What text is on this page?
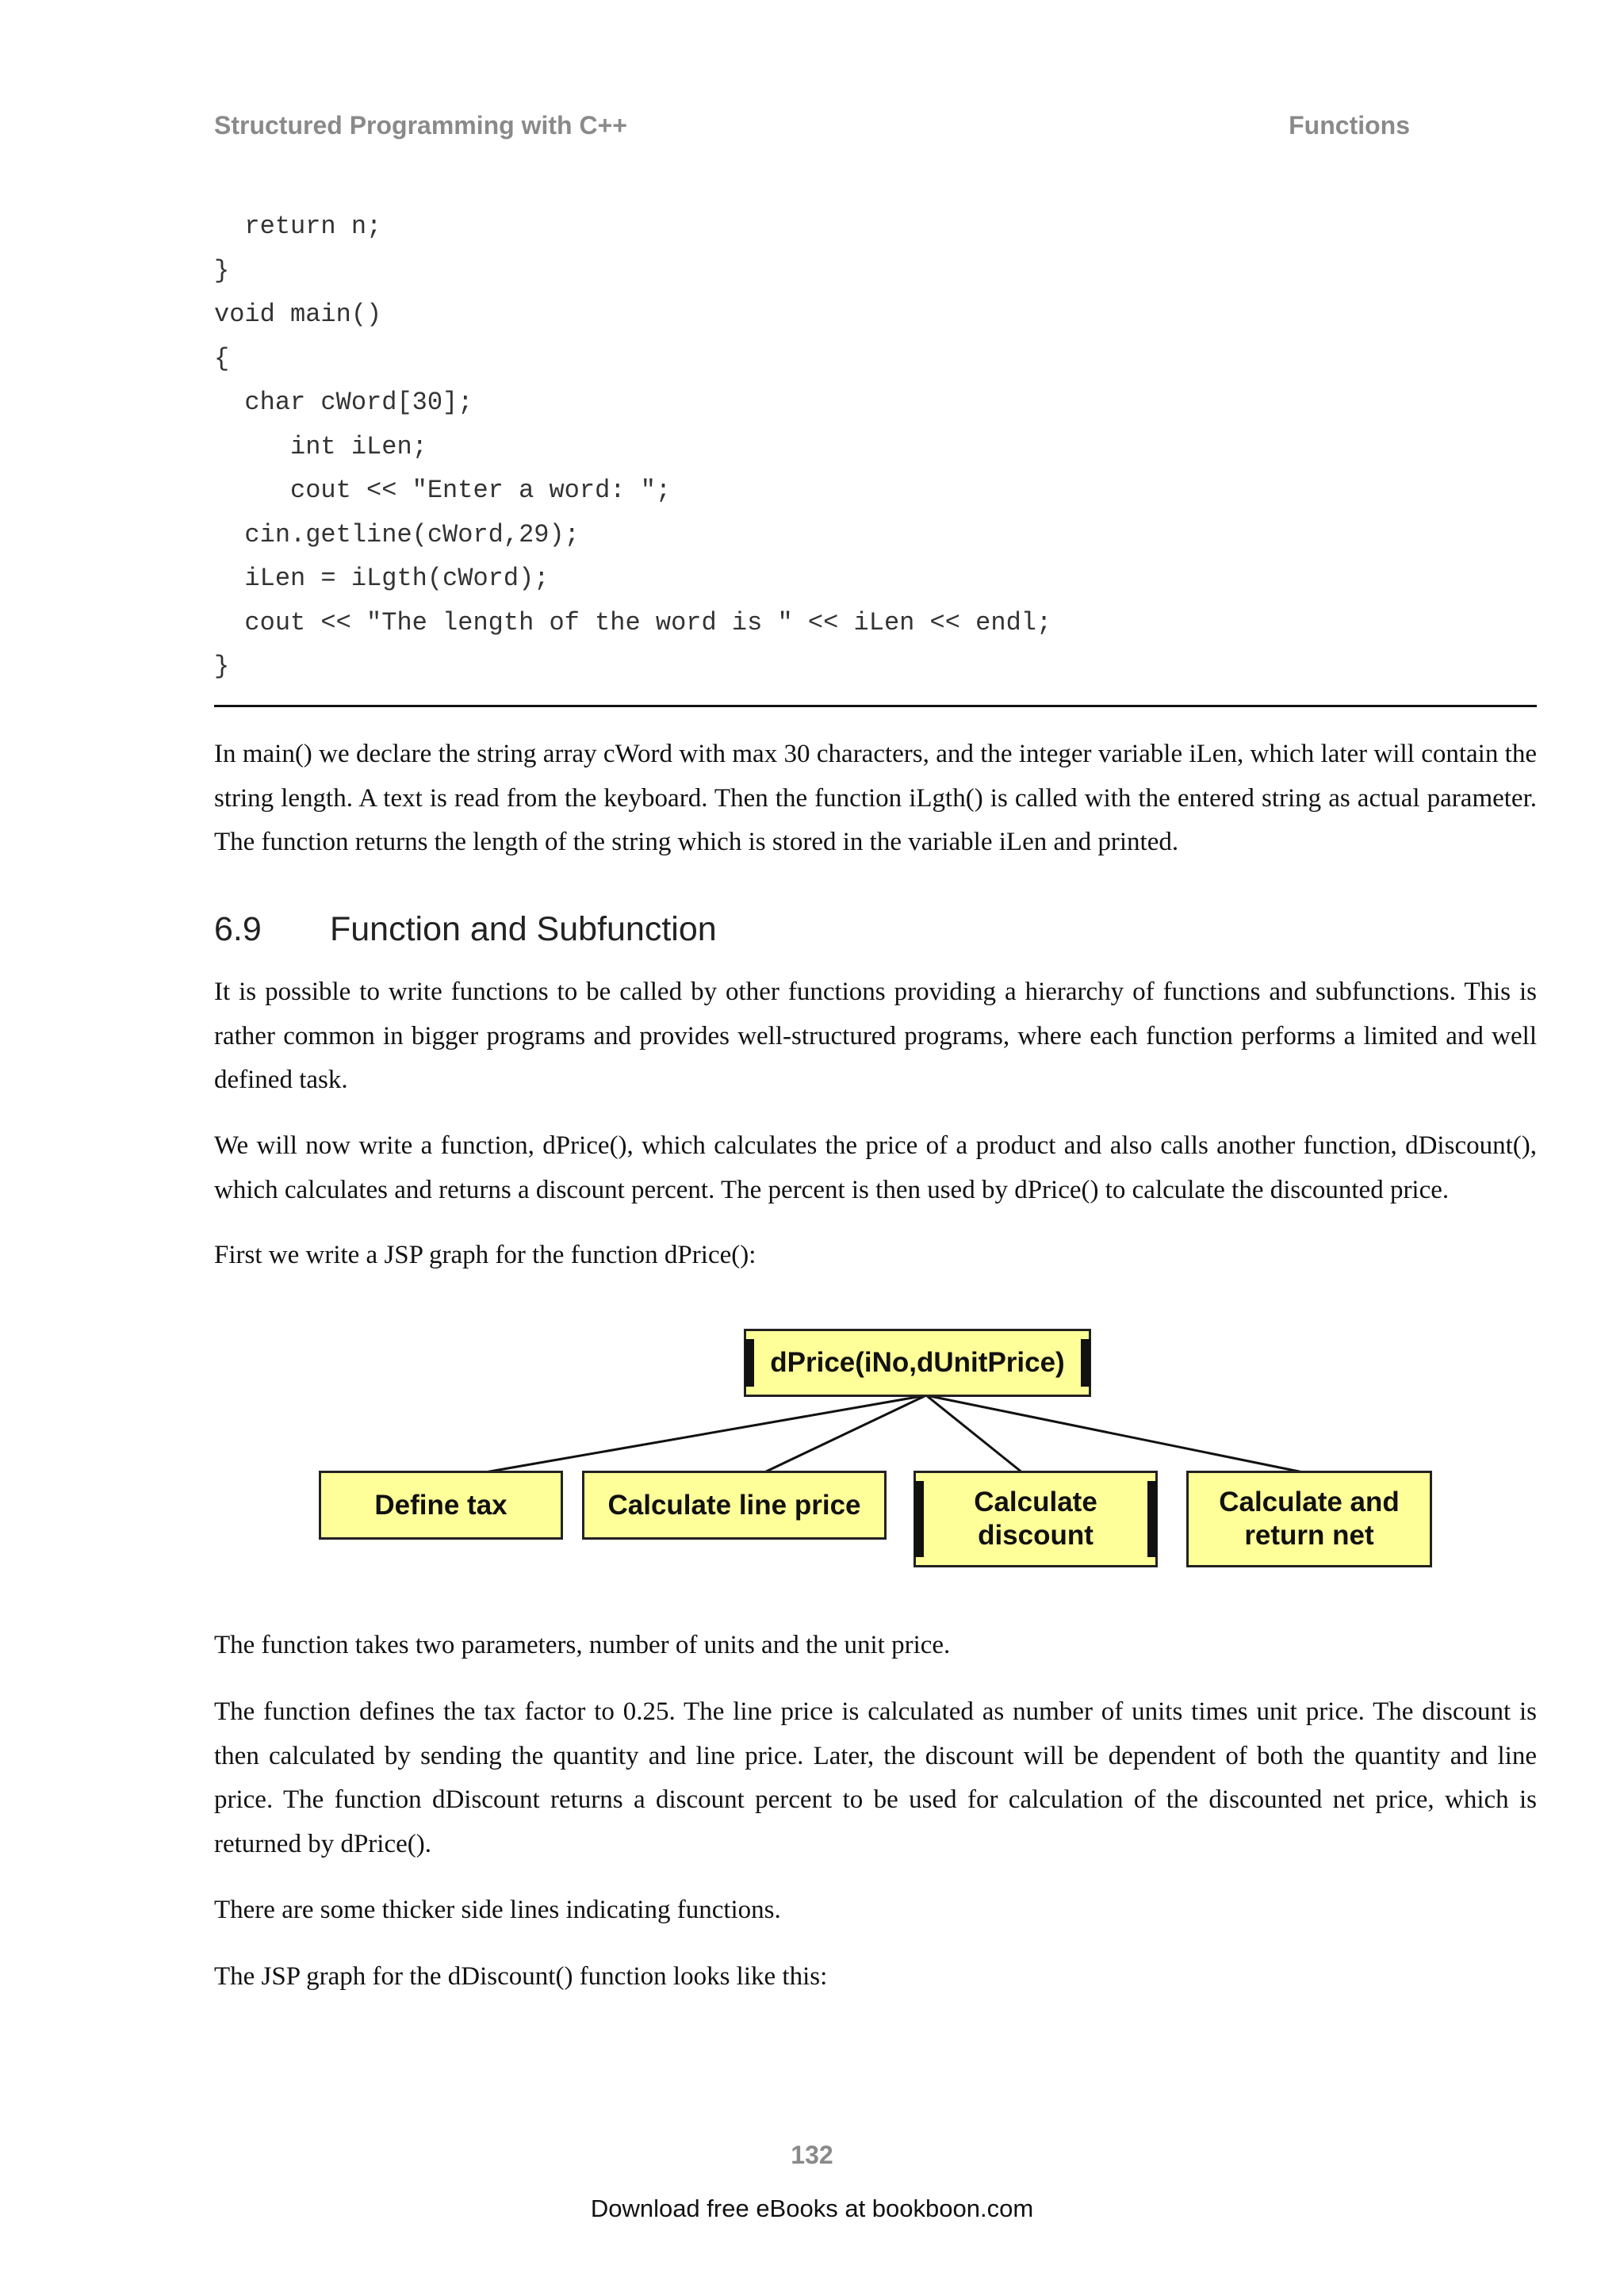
Structured Programming with C++	Functions
return n;
}
void main()
{
char cWord[30];
int iLen;
cout << "Enter a word: ";
cin.getline(cWord,29);
iLen = iLgth(cWord);
cout << "The length of the word is " << iLen << endl;
}

In main() we declare the string array cWord with max 30 characters, and the integer variable iLen, which later will contain the string length. A text is read from the keyboard. Then the function iLgth() is called with the entered string as actual parameter. The function returns the length of the string which is stored in the variable iLen and printed.

6.9 Function and Subfunction

It is possible to write functions to be called by other functions providing a hierarchy of functions and subfunctions. This is rather common in bigger programs and provides well-structured programs, where each function performs a limited and well defined task.

We will now write a function, dPrice(), which calculates the price of a product and also calls another function, dDiscount(), which calculates and returns a discount percent. The percent is then used by dPrice() to calculate the discounted price.

First we write a JSP graph for the function dPrice():

dPrice(iNo,dUnitPrice)
Define tax	Calculate line price	Calculate discount
Calculate and return net

The function takes two parameters, number of units and the unit price.

The function defines the tax factor to 0.25. The line price is calculated as number of units times unit price. The discount is then calculated by sending the quantity and line price. Later, the discount will be dependent of both the quantity and line price. The function dDiscount returns a discount percent to be used for calculation of the discounted net price, which is returned by dPrice().

There are some thicker side lines indicating functions.

The JSP graph for the dDiscount() function looks like this:

132
Download free eBooks at bookboon.com
